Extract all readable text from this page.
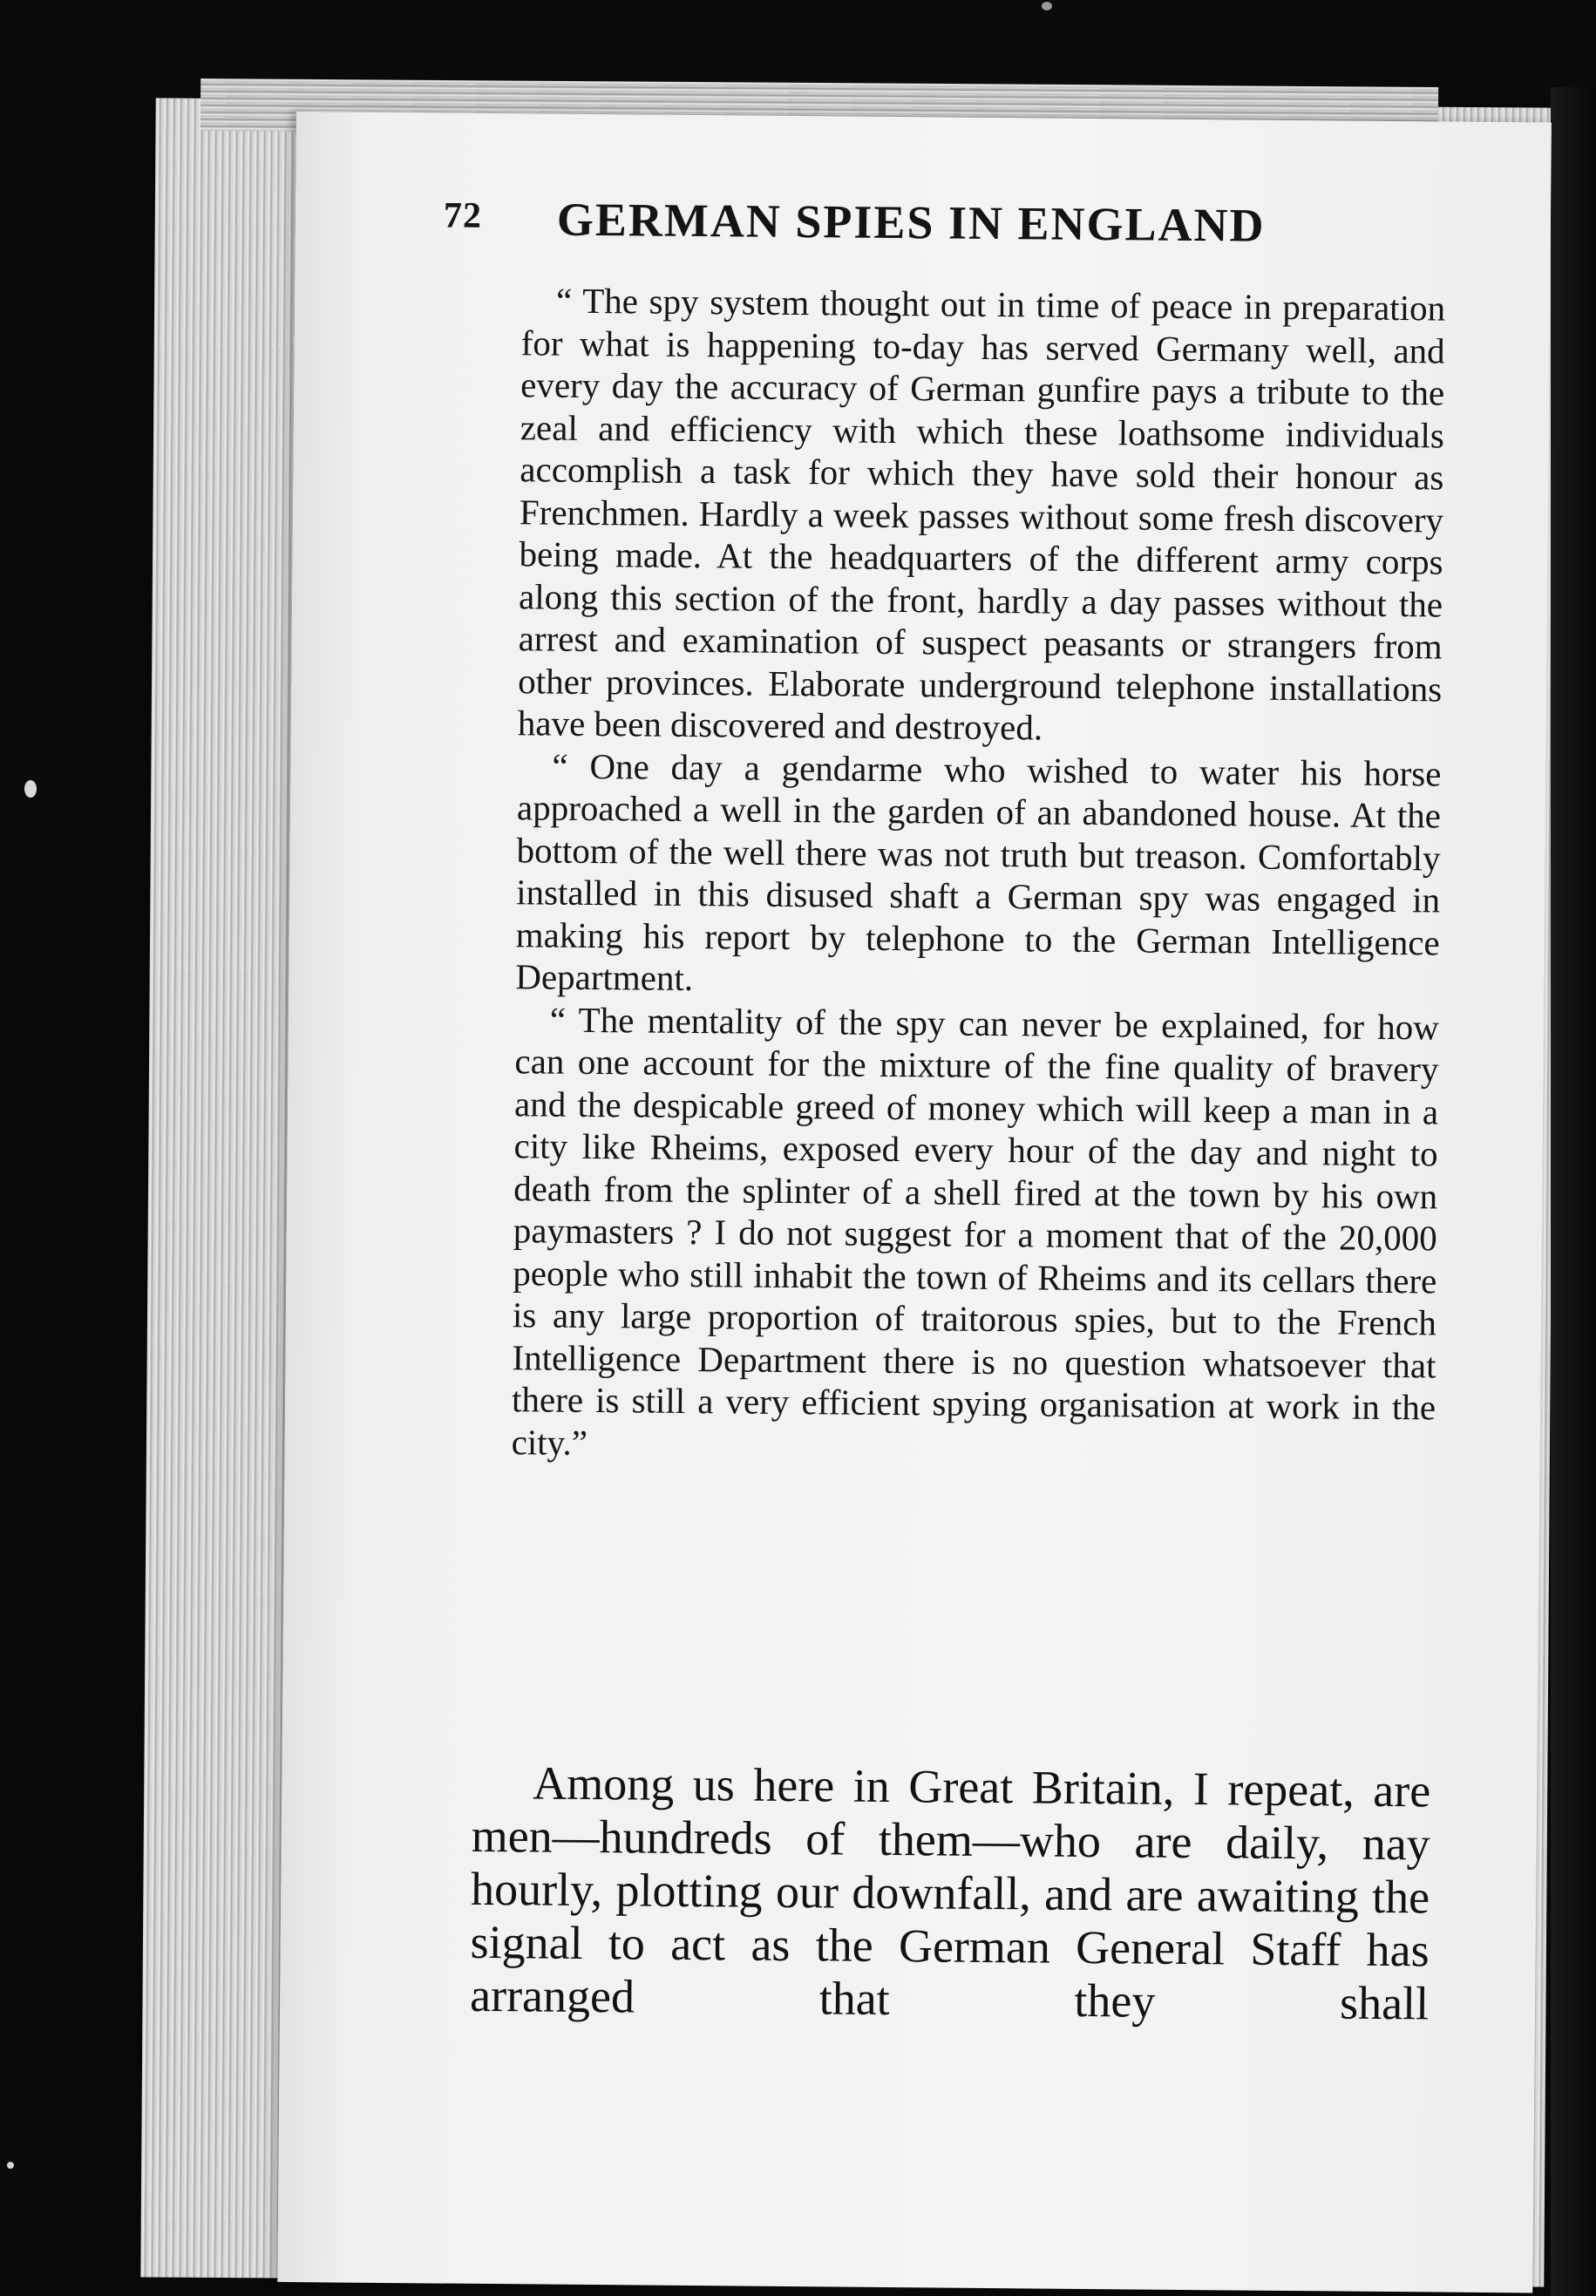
72 GERMAN SPIES IN ENGLAND

“ The spy system thought out in time of peace in preparation for what is happening to-day has served Germany well, and every day the accuracy of German gunfire pays a tribute to the zeal and efficiency with which these loathsome individuals accomplish a task for which they have sold their honour as Frenchmen. Hardly a week passes without some fresh discovery being made. At the headquarters of the different army corps along this section of the front, hardly a day passes without the arrest and examination of suspect peasants or strangers from other provinces. Elaborate underground telephone installations have been discovered and destroyed.

“ One day a gendarme who wished to water his horse approached a well in the garden of an abandoned house. At the bottom of the well there was not truth but treason. Comfortably installed in this disused shaft a German spy was engaged in making his report by telephone to the German Intelligence Department.

“ The mentality of the spy can never be explained, for how can one account for the mixture of the fine quality of bravery and the despicable greed of money which will keep a man in a city like Rheims, exposed every hour of the day and night to death from the splinter of a shell fired at the town by his own paymasters ? I do not suggest for a moment that of the 20,000 people who still inhabit the town of Rheims and its cellars there is any large proportion of traitorous spies, but to the French Intelligence Department there is no question whatsoever that there is still a very efficient spying organisation at work in the city.”

Among us here in Great Britain, I repeat, are men—hundreds of them—who are daily, nay hourly, plotting our downfall, and are awaiting the signal to act as the German General Staff has arranged that they shall
